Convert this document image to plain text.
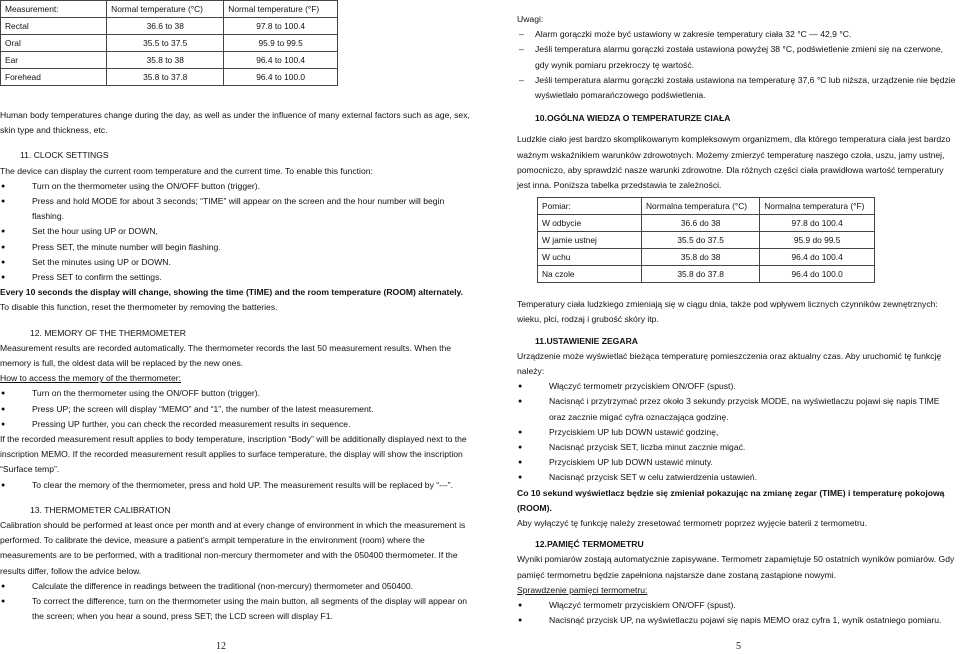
Measurement:	Normal temperature (°C)	Normal temperature (°F)
Rectal	36.6 to 38	97.8 to 100.4
Oral	35.5 to 37.5	95.9 to 99.5
Ear	35.8 to 38	96.4 to 100.4
Forehead	35.8 to 37.8	96.4 to 100.0

Human body temperatures change during the day, as well as under the influence of many external factors such as age, sex, skin type and thickness, etc.

11. CLOCK SETTINGS

The device can display the current room temperature and the current time. To enable this function:

● Turn on the thermometer using the ON/OFF button (trigger).
● Press and hold MODE for about 3 seconds; “TIME” will appear on the screen and the hour number will begin flashing.
● Set the hour using UP or DOWN,
● Press SET, the minute number will begin flashing.
● Set the minutes using UP or DOWN.
● Press SET to confirm the settings.

Every 10 seconds the display will change, showing the time (TIME) and the room temperature (ROOM) alternately.

To disable this function, reset the thermometer by removing the batteries.

12. MEMORY OF THE THERMOMETER

Measurement results are recorded automatically. The thermometer records the last 50 measurement results. When the memory is full, the oldest data will be replaced by the new ones.

How to access the memory of the thermometer:

● Turn on the thermometer using the ON/OFF button (trigger).
● Press UP; the screen will display “MEMO” and “1”, the number of the latest measurement.
● Pressing UP further, you can check the recorded measurement results in sequence.

If the recorded measurement result applies to body temperature, inscription “Body” will be additionally displayed next to the inscription MEMO. If the recorded measurement result applies to surface temperature, the display will show the inscription “Surface temp”.

● To clear the memory of the thermometer, press and hold UP. The measurement results will be replaced by “---”.

13. THERMOMETER CALIBRATION

Calibration should be performed at least once per month and at every change of environment in which the measurement is performed. To calibrate the device, measure a patient’s armpit temperature in the environment (room) where the measurements are to be performed, with a traditional non-mercury thermometer and with the 050400 thermometer. If the results differ, follow the advice below.

● Calculate the difference in readings between the traditional (non-mercury) thermometer and 050400.
● To correct the difference, turn on the thermometer using the main button, all segments of the display will appear on the screen; when you hear a sound, press SET; the LCD screen will display F1.
12

Uwagi:

– Alarm gorączki może być ustawiony w zakresie temperatury ciała 32 °C — 42,9 °C.
– Jeśli temperatura alarmu gorączki została ustawiona powyżej 38 °C, podświetlenie zmieni się na czerwone, gdy wynik pomiaru przekroczy tę wartość.
– Jeśli temperatura alarmu gorączki została ustawiona na temperaturę 37,6 °C lub niższa, urządzenie nie będzie wyświetlało pomarańczowego podświetlenia.

10.OGÓLNA WIEDZA O TEMPERATURZE CIAŁA

Ludzkie ciało jest bardzo skomplikowanym kompleksowym organizmem, dla którego temperatura ciała jest bardzo ważnym wskaźnikiem warunków zdrowotnych. Możemy zmierzyć temperaturę naszego czoła, uszu, jamy ustnej, pomocniczo, aby sprawdzić nasze warunki zdrowotne. Dla różnych części ciała prawidłowa wartość temperatury jest inna. Poniższa tabelka przedstawia te zależności.

Pomiar:	Normalna temperatura (°C)	Normalna temperatura (°F)
W odbycie	36.6 do 38	97.8 do 100.4
W jamie ustnej	35.5 do 37.5	95.9 do 99.5
W uchu	35.8 do 38	96.4 do 100.4
Na czole	35.8 do 37.8	96.4 do 100.0

Temperatury ciała ludzkiego zmieniają się w ciągu dnia, także pod wpływem licznych czynników zewnętrznych: wieku, płci, rodzaj i grubość skóry itp.

11.USTAWIENIE ZEGARA

Urządzenie może wyświetlać bieżąca temperaturę pomieszczenia oraz aktualny czas. Aby uruchomić tę funkcję należy:

● Włączyć termometr przyciskiem ON/OFF (spust).
● Nacisnąć i przytrzymać przez około 3 sekundy przycisk MODE, na wyświetlaczu pojawi się napis TIME oraz zacznie migać cyfra oznaczająca godzinę.
● Przyciskiem UP lub DOWN ustawić godzinę,
● Nacisnąć przycisk SET, liczba minut zacznie migać.
● Przyciskiem UP lub DOWN ustawić minuty.
● Nacisnąć przycisk SET w celu zatwierdzenia ustawień.

Co 10 sekund wyświetlacz będzie się zmieniał pokazując na zmianę zegar (TIME) i temperaturę pokojową (ROOM).

Aby wyłączyć tę funkcję należy zresetować termometr poprzez wyjęcie baterii z termometru.

12.PAMIĘĆ TERMOMETRU

Wyniki pomiarów zostają automatycznie zapisywane. Termometr zapamiętuje 50 ostatnich wyników pomiarów. Gdy pamięć termometru będzie zapełniona najstarsze dane zostaną zastąpione nowymi.

Sprawdzenie pamięci termometru:

● Włączyć termometr przyciskiem ON/OFF (spust).
● Nacisnąć przycisk UP, na wyświetlaczu pojawi się napis MEMO oraz cyfra 1, wynik ostatniego pomiaru.
5
